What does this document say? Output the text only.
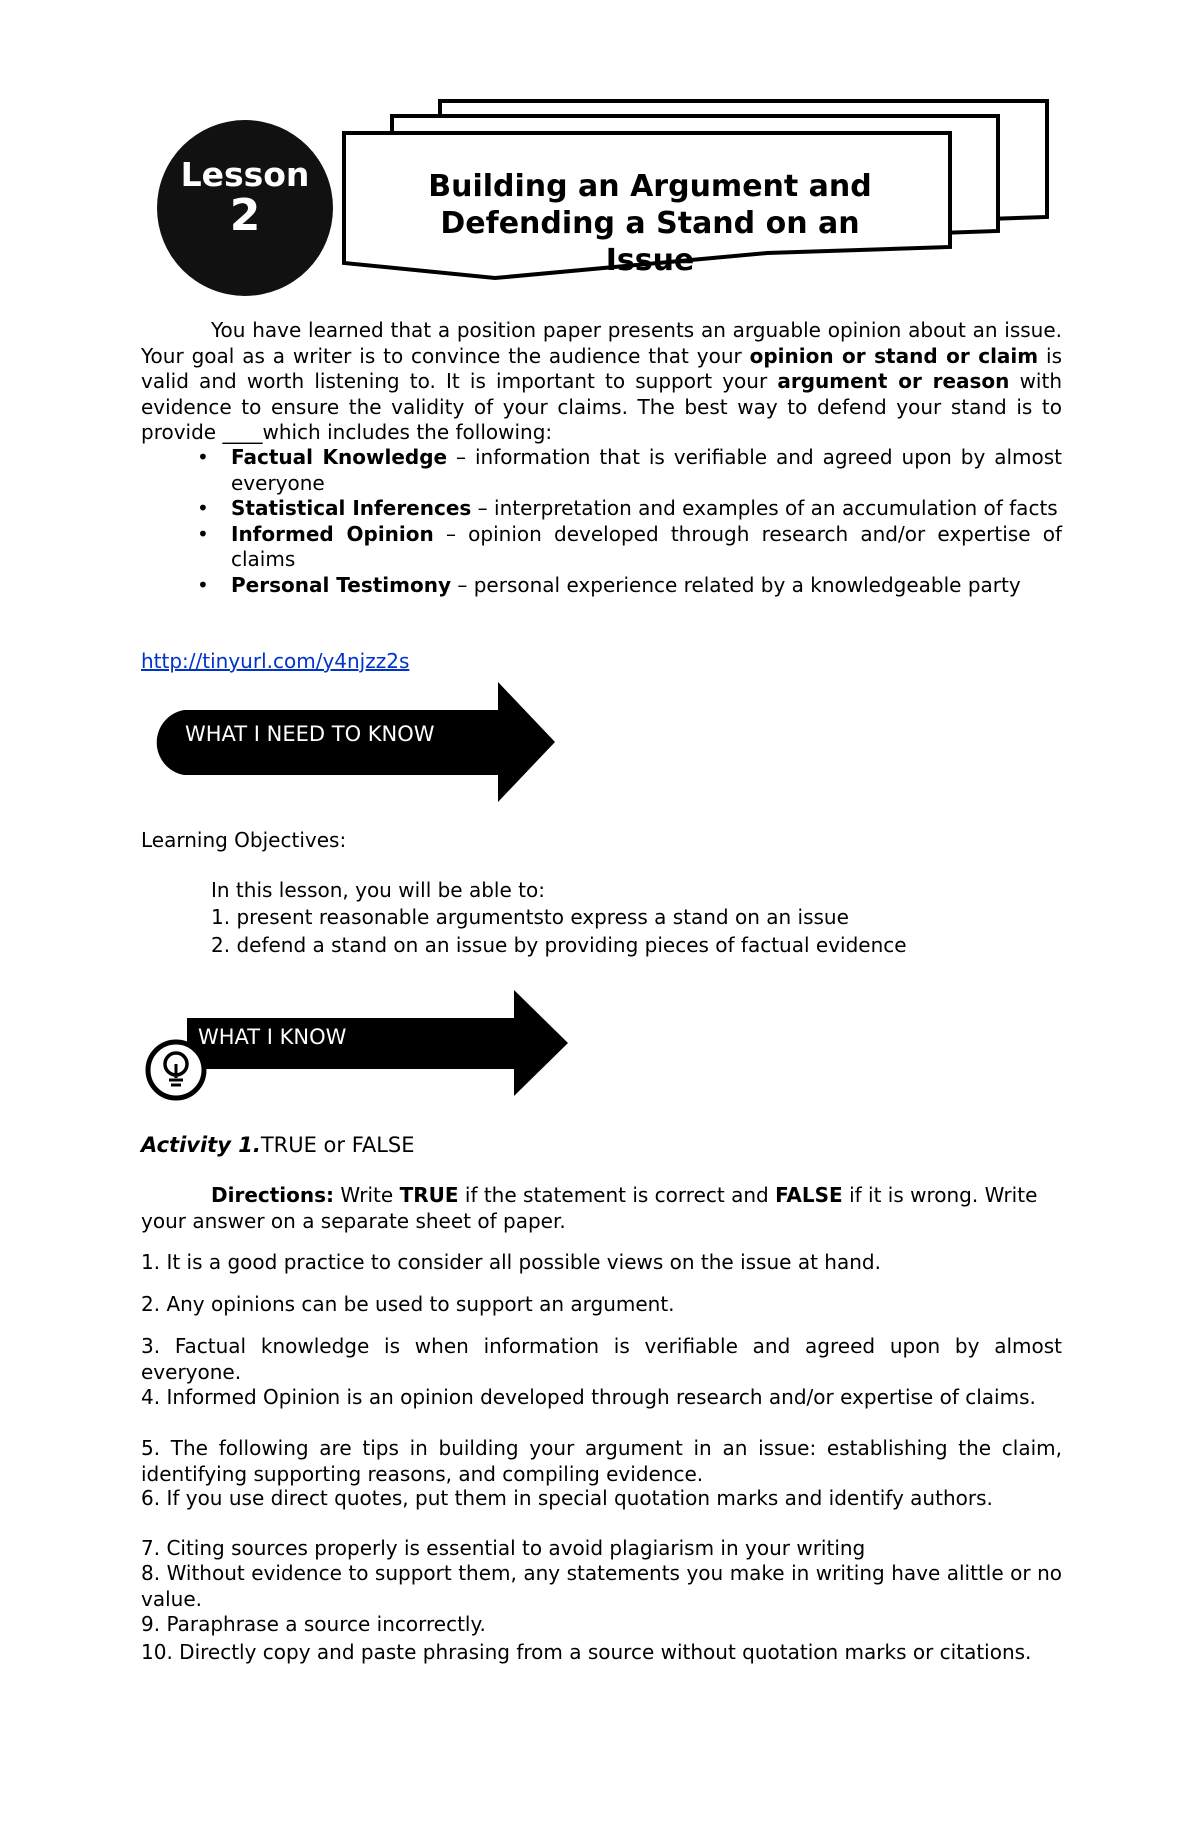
Lesson
2
Building an Argument and Defending a Stand on an Issue
You have learned that a position paper presents an arguable opinion about an issue. Your goal as a writer is to convince the audience that your opinion or stand or claim is valid and worth listening to. It is important to support your argument or reason with evidence to ensure the validity of your claims. The best way to defend your stand is to provide ____which includes the following:
• Factual Knowledge – information that is verifiable and agreed upon by almost everyone
• Statistical Inferences – interpretation and examples of an accumulation of facts
• Informed Opinion – opinion developed through research and/or expertise of claims
• Personal Testimony – personal experience related by a knowledgeable party
http://tinyurl.com/y4njzz2s
WHAT I NEED TO KNOW
Learning Objectives:
In this lesson, you will be able to:
1. present reasonable argumentsto express a stand on an issue
2. defend a stand on an issue by providing pieces of factual evidence
WHAT I KNOW
Activity 1.TRUE or FALSE
Directions: Write TRUE if the statement is correct and FALSE if it is wrong. Write your answer on a separate sheet of paper.
1. It is a good practice to consider all possible views on the issue at hand.
2. Any opinions can be used to support an argument.
3. Factual knowledge is when information is verifiable and agreed upon by almost everyone.
4. Informed Opinion is an opinion developed through research and/or expertise of claims.
5. The following are tips in building your argument in an issue: establishing the claim, identifying supporting reasons, and compiling evidence.
6. If you use direct quotes, put them in special quotation marks and identify authors.
7. Citing sources properly is essential to avoid plagiarism in your writing
8. Without evidence to support them, any statements you make in writing have alittle or no value.
9. Paraphrase a source incorrectly.
10. Directly copy and paste phrasing from a source without quotation marks or citations.
